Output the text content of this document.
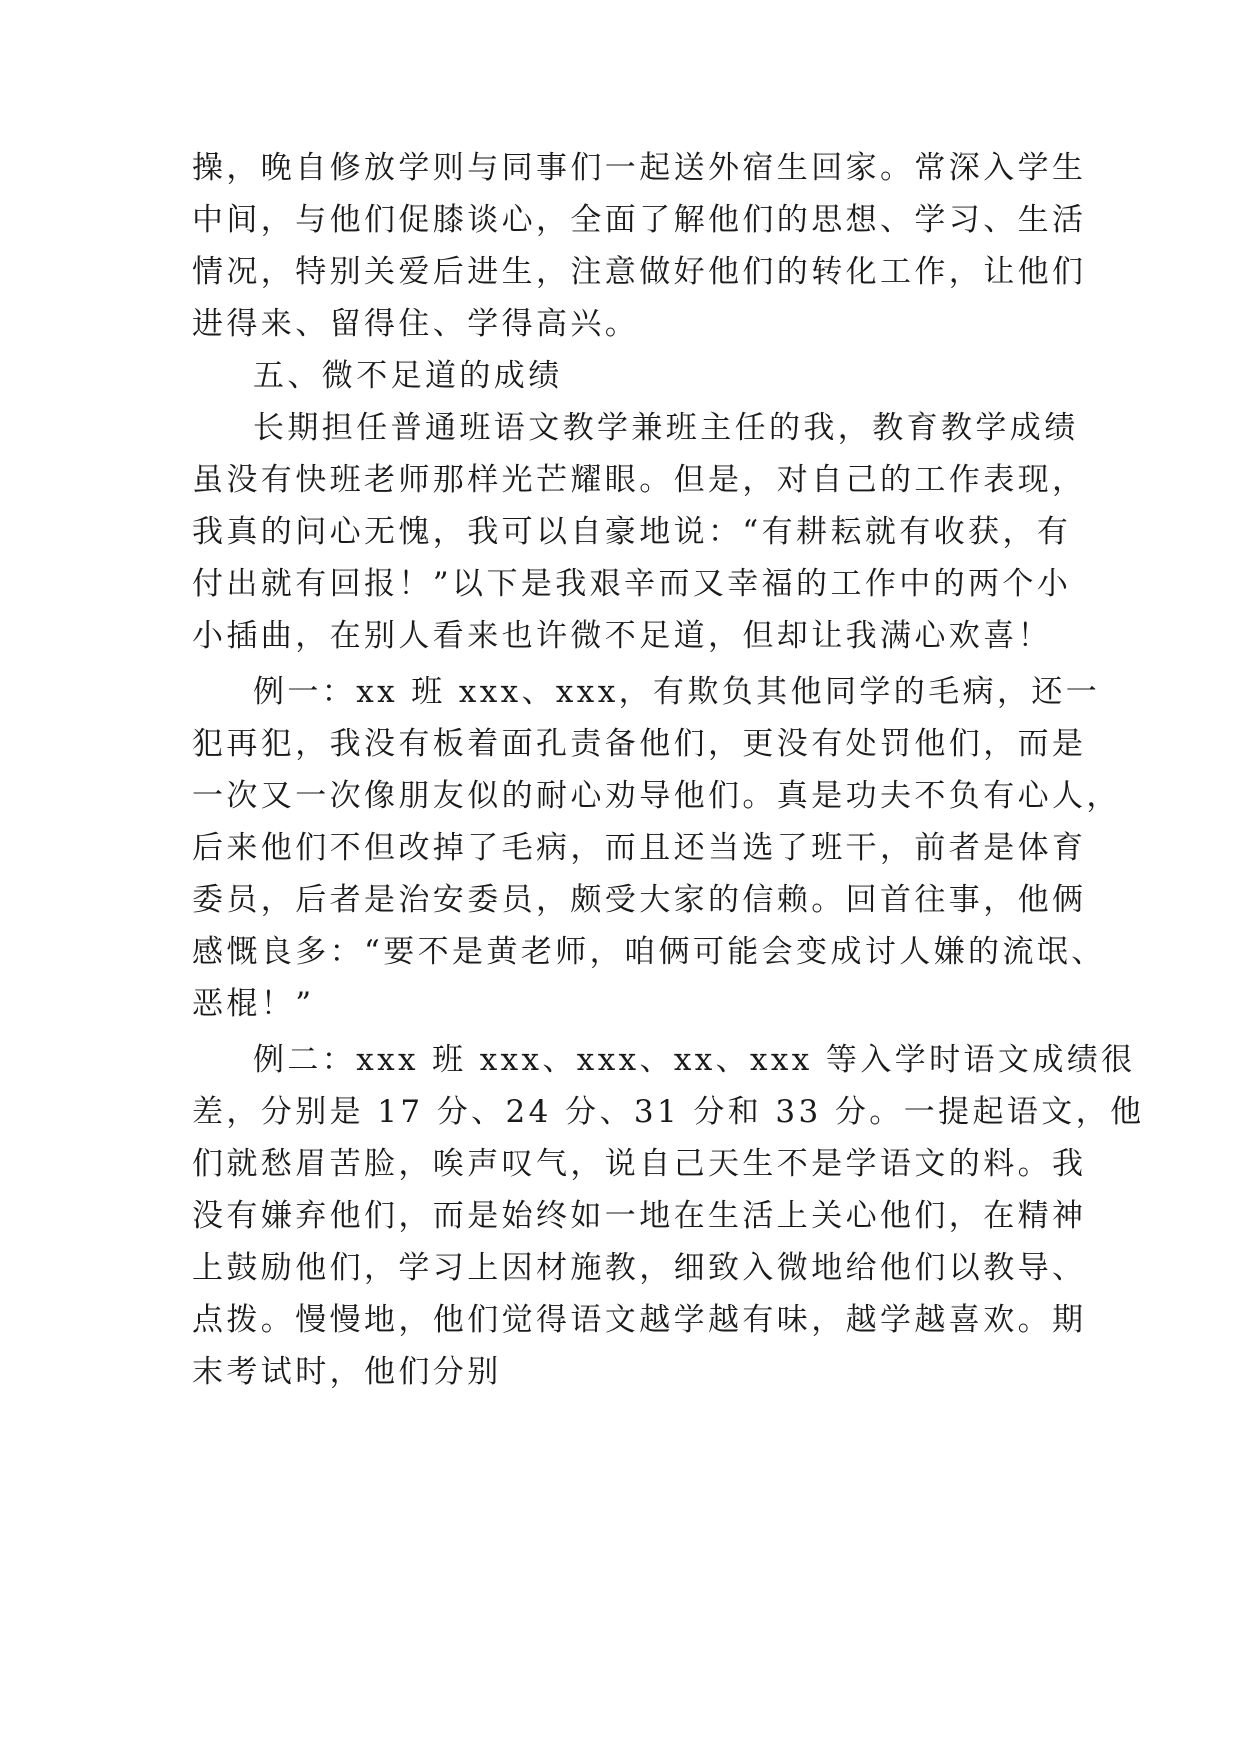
操，晚自修放学则与同事们一起送外宿生回家。常深入学生
中间，与他们促膝谈心，全面了解他们的思想、学习、生活
情况，特别关爱后进生，注意做好他们的转化工作，让他们
进得来、留得住、学得高兴。
五、微不足道的成绩
长期担任普通班语文教学兼班主任的我，教育教学成绩
虽没有快班老师那样光芒耀眼。但是，对自己的工作表现，
我真的问心无愧，我可以自豪地说：“有耕耘就有收获，有
付出就有回报！”以下是我艰辛而又幸福的工作中的两个小
小插曲，在别人看来也许微不足道，但却让我满心欢喜！
例一：xx 班 xxx、xxx，有欺负其他同学的毛病，还一
犯再犯，我没有板着面孔责备他们，更没有处罚他们，而是
一次又一次像朋友似的耐心劝导他们。真是功夫不负有心人，
后来他们不但改掉了毛病，而且还当选了班干，前者是体育
委员，后者是治安委员，颇受大家的信赖。回首往事，他俩
感慨良多：“要不是黄老师，咱俩可能会变成讨人嫌的流氓、
恶棍！”
例二：xxx 班 xxx、xxx、xx、xxx 等入学时语文成绩很
差，分别是 17 分、24 分、31 分和 33 分。一提起语文，他
们就愁眉苦脸，唉声叹气，说自己天生不是学语文的料。我
没有嫌弃他们，而是始终如一地在生活上关心他们，在精神
上鼓励他们，学习上因材施教，细致入微地给他们以教导、
点拨。慢慢地，他们觉得语文越学越有味，越学越喜欢。期
末考试时，他们分别
